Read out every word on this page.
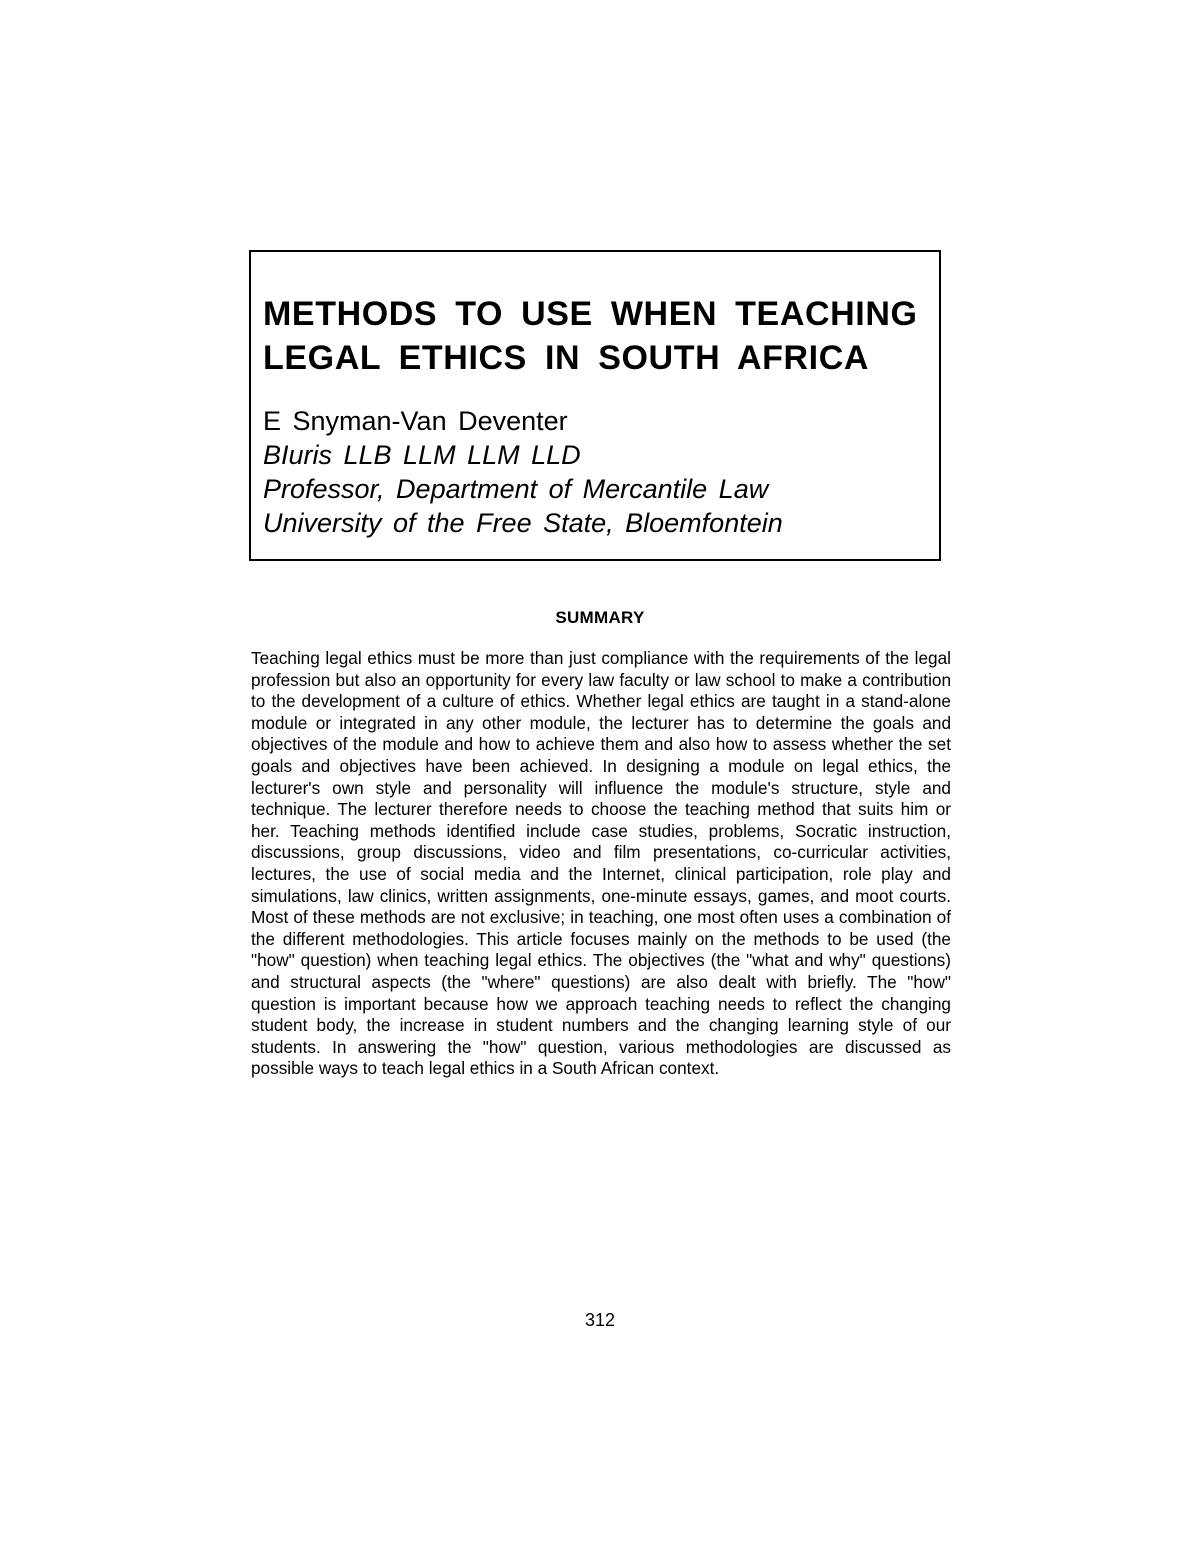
METHODS TO USE WHEN TEACHING
LEGAL ETHICS IN SOUTH AFRICA
E Snyman-Van Deventer
BIuris LLB LLM LLM LLD
Professor, Department of Mercantile Law
University of the Free State, Bloemfontein
SUMMARY

Teaching legal ethics must be more than just compliance with the requirements of the legal profession but also an opportunity for every law faculty or law school to make a contribution to the development of a culture of ethics. Whether legal ethics are taught in a stand-alone module or integrated in any other module, the lecturer has to determine the goals and objectives of the module and how to achieve them and also how to assess whether the set goals and objectives have been achieved. In designing a module on legal ethics, the lecturer's own style and personality will influence the module's structure, style and technique. The lecturer therefore needs to choose the teaching method that suits him or her. Teaching methods identified include case studies, problems, Socratic instruction, discussions, group discussions, video and film presentations, co-curricular activities, lectures, the use of social media and the Internet, clinical participation, role play and simulations, law clinics, written assignments, one-minute essays, games, and moot courts. Most of these methods are not exclusive; in teaching, one most often uses a combination of the different methodologies. This article focuses mainly on the methods to be used (the "how" question) when teaching legal ethics. The objectives (the "what and why" questions) and structural aspects (the "where" questions) are also dealt with briefly. The "how" question is important because how we approach teaching needs to reflect the changing student body, the increase in student numbers and the changing learning style of our students. In answering the "how" question, various methodologies are discussed as possible ways to teach legal ethics in a South African context.

312
